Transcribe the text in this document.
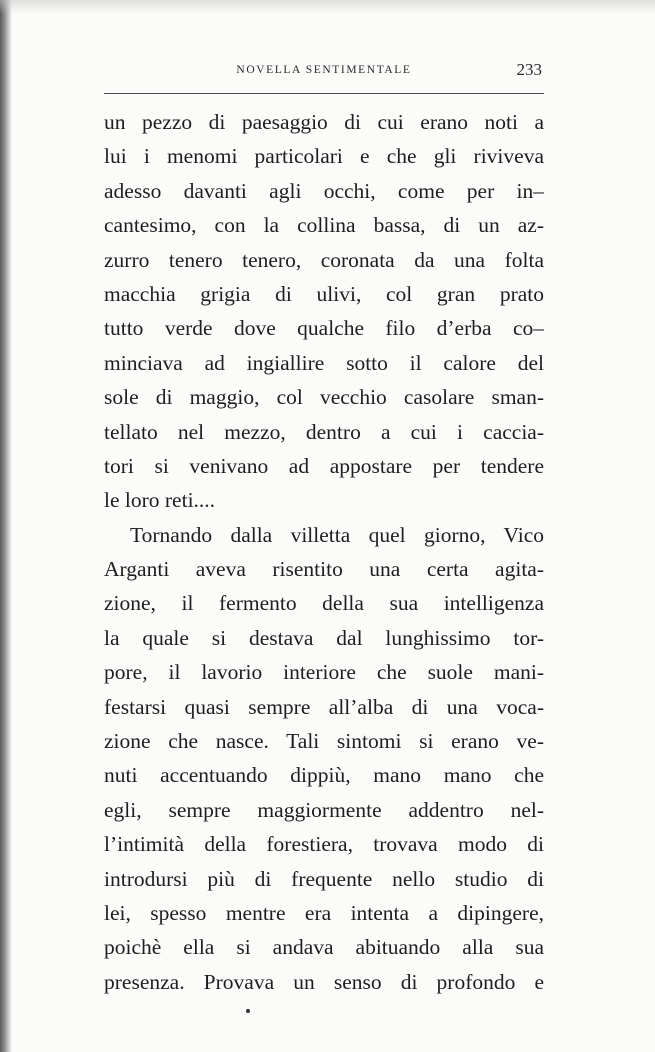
NOVELLA SENTIMENTALE	233
un pezzo di paesaggio di cui erano noti a
lui i menomi particolari e che gli riviveva
adesso davanti agli occhi, come per in–
cantesimo, con la collina bassa, di un az-
zurro tenero tenero, coronata da una folta
macchia grigia di ulivi, col gran prato
tutto verde dove qualche filo d’erba co–
minciava ad ingiallire sotto il calore del
sole di maggio, col vecchio casolare sman-
tellato nel mezzo, dentro a cui i caccia-
tori si venivano ad appostare per tendere
le loro reti....
Tornando dalla villetta quel giorno, Vico
Arganti aveva risentito una certa agita-
zione, il fermento della sua intelligenza
la quale si destava dal lunghissimo tor-
pore, il lavorio interiore che suole mani-
festarsi quasi sempre all’alba di una voca-
zione che nasce. Tali sintomi si erano ve-
nuti accentuando dippiù, mano mano che
egli, sempre maggiormente addentro nel-
l’intimità della forestiera, trovava modo di
introdursi più di frequente nello studio di
lei, spesso mentre era intenta a dipingere,
poichè ella si andava abituando alla sua
presenza. Provava un senso di profondo e
